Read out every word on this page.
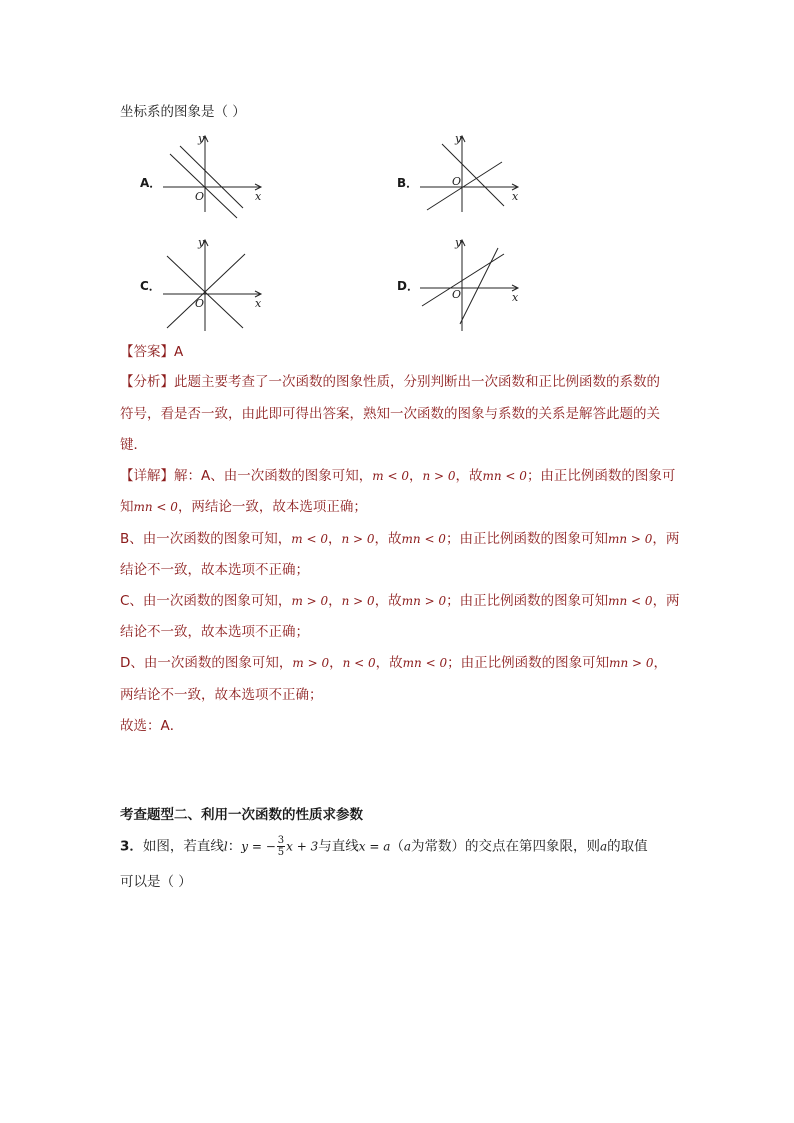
坐标系的图象是（ ）
A．
y
x
O
B．
y
x
O
C．
y
x
O
D．
y
x
O
【答案】A
【分析】此题主要考查了一次函数的图象性质，分别判断出一次函数和正比例函数的系数的
符号，看是否一致，由此即可得出答案，熟知一次函数的图象与系数的关系是解答此题的关
键．
【详解】解：A、由一次函数的图象可知，m < 0，n > 0，故mn < 0；由正比例函数的图象可
知mn < 0，两结论一致，故本选项正确；
B、由一次函数的图象可知，m < 0，n > 0，故mn < 0；由正比例函数的图象可知mn > 0，两
结论不一致，故本选项不正确；
C、由一次函数的图象可知，m > 0，n > 0，故mn > 0；由正比例函数的图象可知mn < 0，两
结论不一致，故本选项不正确；
D、由一次函数的图象可知，m > 0，n < 0，故mn < 0；由正比例函数的图象可知mn > 0，
两结论不一致，故本选项不正确；
故选：A．
考查题型二、利用一次函数的性质求参数
3．如图，若直线l：y = − $\frac{3}{5}$ x + 3与直线x = a（a为常数）的交点在第四象限，则a的取值
可以是（ ）
